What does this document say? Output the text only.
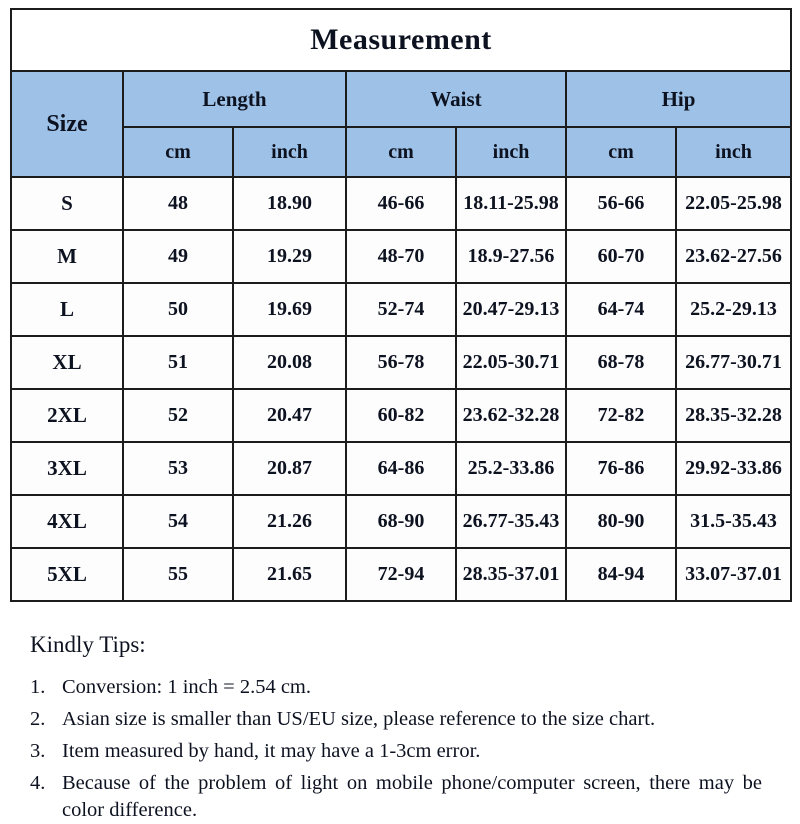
Measurement						
Size	Length		Waist		Hip	
	cm	inch	cm	inch	cm	inch
S	48	18.90	46-66	18.11-25.98	56-66	22.05-25.98
M	49	19.29	48-70	18.9-27.56	60-70	23.62-27.56
L	50	19.69	52-74	20.47-29.13	64-74	25.2-29.13
XL	51	20.08	56-78	22.05-30.71	68-78	26.77-30.71
2XL	52	20.47	60-82	23.62-32.28	72-82	28.35-32.28
3XL	53	20.87	64-86	25.2-33.86	76-86	29.92-33.86
4XL	54	21.26	68-90	26.77-35.43	80-90	31.5-35.43
5XL	55	21.65	72-94	28.35-37.01	84-94	33.07-37.01
Kindly Tips:
1. Conversion: 1 inch = 2.54 cm.
2. Asian size is smaller than US/EU size, please reference to the size chart.
3. Item measured by hand, it may have a 1-3cm error.
4. Because of the problem of light on mobile phone/computer screen, there may be color difference.
